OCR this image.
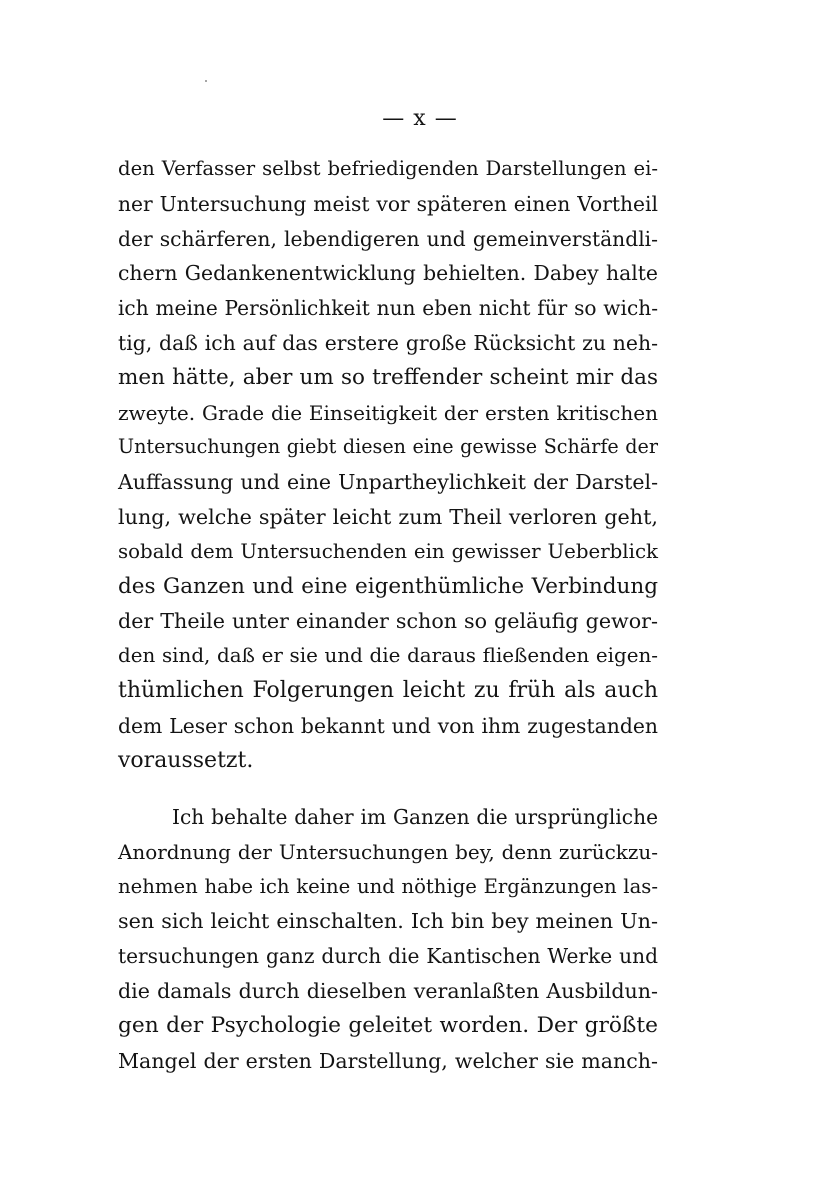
— x —
den Verfasser selbst befriedigenden Darstellungen ei-
ner Untersuchung meist vor späteren einen Vortheil
der schärferen, lebendigeren und gemeinverständli-
chern Gedankenentwicklung behielten. Dabey halte
ich meine Persönlichkeit nun eben nicht für so wich-
tig, daß ich auf das erstere große Rücksicht zu neh-
men hätte, aber um so treffender scheint mir das
zweyte. Grade die Einseitigkeit der ersten kritischen
Untersuchungen giebt diesen eine gewisse Schärfe der
Auffassung und eine Unpartheylichkeit der Darstel-
lung, welche später leicht zum Theil verloren geht,
sobald dem Untersuchenden ein gewisser Ueberblick
des Ganzen und eine eigenthümliche Verbindung
der Theile unter einander schon so geläufig gewor-
den sind, daß er sie und die daraus fließenden eigen-
thümlichen Folgerungen leicht zu früh als auch
dem Leser schon bekannt und von ihm zugestanden
voraussetzt.
Ich behalte daher im Ganzen die ursprüngliche
Anordnung der Untersuchungen bey, denn zurückzu-
nehmen habe ich keine und nöthige Ergänzungen las-
sen sich leicht einschalten. Ich bin bey meinen Un-
tersuchungen ganz durch die Kantischen Werke und
die damals durch dieselben veranlaßten Ausbildun-
gen der Psychologie geleitet worden. Der größte
Mangel der ersten Darstellung, welcher sie manch-
